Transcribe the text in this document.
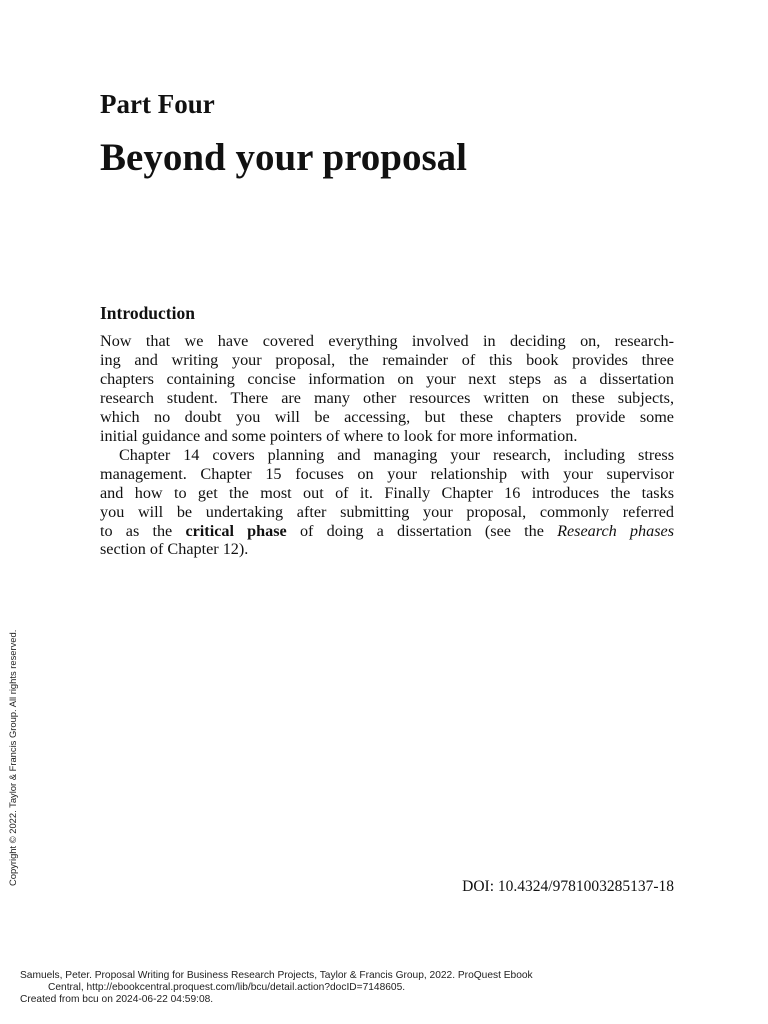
Part Four
Beyond your proposal
Introduction
Now that we have covered everything involved in deciding on, research-
ing and writing your proposal, the remainder of this book provides three
chapters containing concise information on your next steps as a dissertation
research student. There are many other resources written on these subjects,
which no doubt you will be accessing, but these chapters provide some
initial guidance and some pointers of where to look for more information.
Chapter 14 covers planning and managing your research, including stress
management. Chapter 15 focuses on your relationship with your supervisor
and how to get the most out of it. Finally Chapter 16 introduces the tasks
you will be undertaking after submitting your proposal, commonly referred
to as the critical phase of doing a dissertation (see the Research phases
section of Chapter 12).
DOI: 10.4324/9781003285137-18
Copyright © 2022. Taylor & Francis Group. All rights reserved.
Samuels, Peter. Proposal Writing for Business Research Projects, Taylor & Francis Group, 2022. ProQuest Ebook
Central, http://ebookcentral.proquest.com/lib/bcu/detail.action?docID=7148605.
Created from bcu on 2024-06-22 04:59:08.
